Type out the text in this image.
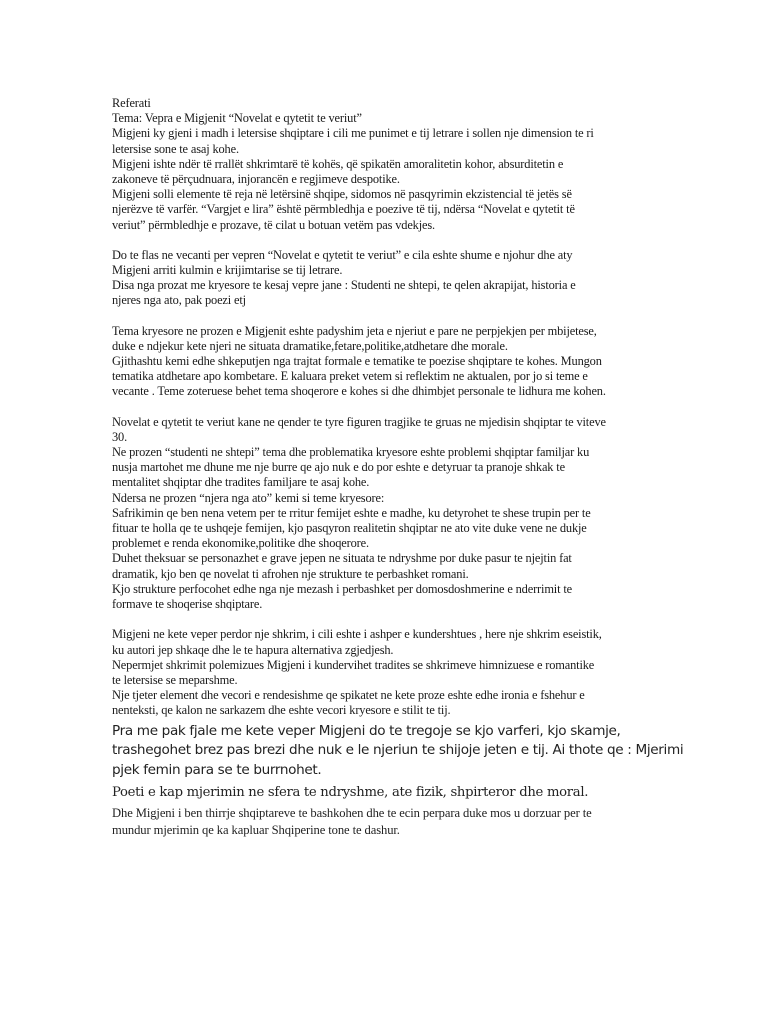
Referati
Tema: Vepra e Migjenit “Novelat e qytetit te veriut”
Migjeni ky gjeni i madh i letersise shqiptare i cili me punimet e tij letrare i sollen nje dimension te ri
letersise sone te asaj kohe.
Migjeni ishte ndër të rrallët shkrimtarë të kohës, që spikatën amoralitetin kohor, absurditetin e
zakoneve të përçudnuara, injorancën e regjimeve despotike.
Migjeni solli elemente të reja në letërsinë shqipe, sidomos në pasqyrimin ekzistencial të jetës së
njerëzve të varfër. “Vargjet e lira” është përmbledhja e poezive të tij, ndërsa “Novelat e qytetit të
veriut” përmbledhje e prozave, të cilat u botuan vetëm pas vdekjes.
Do te flas ne vecanti per vepren “Novelat e qytetit te veriut” e cila eshte shume e njohur dhe aty
Migjeni arriti kulmin e krijimtarise se tij letrare.
Disa nga prozat me kryesore te kesaj vepre jane : Studenti ne shtepi, te qelen akrapijat, historia e
njeres nga ato, pak poezi etj
Tema kryesore ne prozen e Migjenit eshte padyshim jeta e njeriut e pare ne perpjekjen per mbijetese,
duke e ndjekur kete njeri ne situata dramatike,fetare,politike,atdhetare dhe morale.
Gjithashtu kemi edhe shkeputjen nga trajtat formale e tematike te poezise shqiptare te kohes. Mungon
tematika atdhetare apo kombetare. E kaluara preket vetem si reflektim ne aktualen, por jo si teme e
vecante . Teme zoteruese behet tema shoqerore e kohes si dhe dhimbjet personale te lidhura me kohen.
Novelat e qytetit te veriut kane ne qender te tyre figuren tragjike te gruas ne mjedisin shqiptar te viteve
30.
Ne prozen “studenti ne shtepi” tema dhe problematika kryesore eshte problemi shqiptar familjar ku
nusja martohet me dhune me nje burre qe ajo nuk e do por eshte e detyruar ta pranoje shkak te
mentalitet shqiptar dhe tradites familjare te asaj kohe.
Ndersa ne prozen “njera nga ato” kemi si teme kryesore:
Safrikimin qe ben nena vetem per te rritur femijet eshte e madhe, ku detyrohet te shese trupin per te
fituar te holla qe te ushqeje femijen, kjo pasqyron realitetin shqiptar ne ato vite duke vene ne dukje
problemet e renda ekonomike,politike dhe shoqerore.
Duhet theksuar se personazhet e grave jepen ne situata te ndryshme por duke pasur te njejtin fat
dramatik, kjo ben qe novelat ti afrohen nje strukture te perbashket romani.
Kjo strukture perfocohet edhe nga nje mezash i perbashket per domosdoshmerine e nderrimit te
formave te shoqerise shqiptare.
Migjeni ne kete veper perdor nje shkrim, i cili eshte i ashper e kundershtues , here nje shkrim eseistik,
ku autori jep shkaqe dhe le te hapura alternativa zgjedjesh.
Nepermjet shkrimit polemizues Migjeni i kundervihet tradites se shkrimeve himnizuese e romantike
te letersise se meparshme.
Nje tjeter element dhe vecori e rendesishme qe spikatet ne kete proze eshte edhe ironia e fshehur e
nenteksti, qe kalon ne sarkazem dhe eshte vecori kryesore e stilit te tij.
Pra me pak fjale me kete veper Migjeni do te tregoje se kjo varferi, kjo skamje,
trashegohet brez pas brezi dhe nuk e le njeriun te shijoje jeten e tij. Ai thote qe : Mjerimi
pjek femin para se te burrnohet.
Poeti e kap mjerimin ne sfera te ndryshme, ate fizik, shpirteror dhe moral.
Dhe Migjeni i ben thirrje shqiptareve te bashkohen dhe te ecin perpara duke mos u dorzuar per te
mundur mjerimin qe ka kapluar Shqiperine tone te dashur.
